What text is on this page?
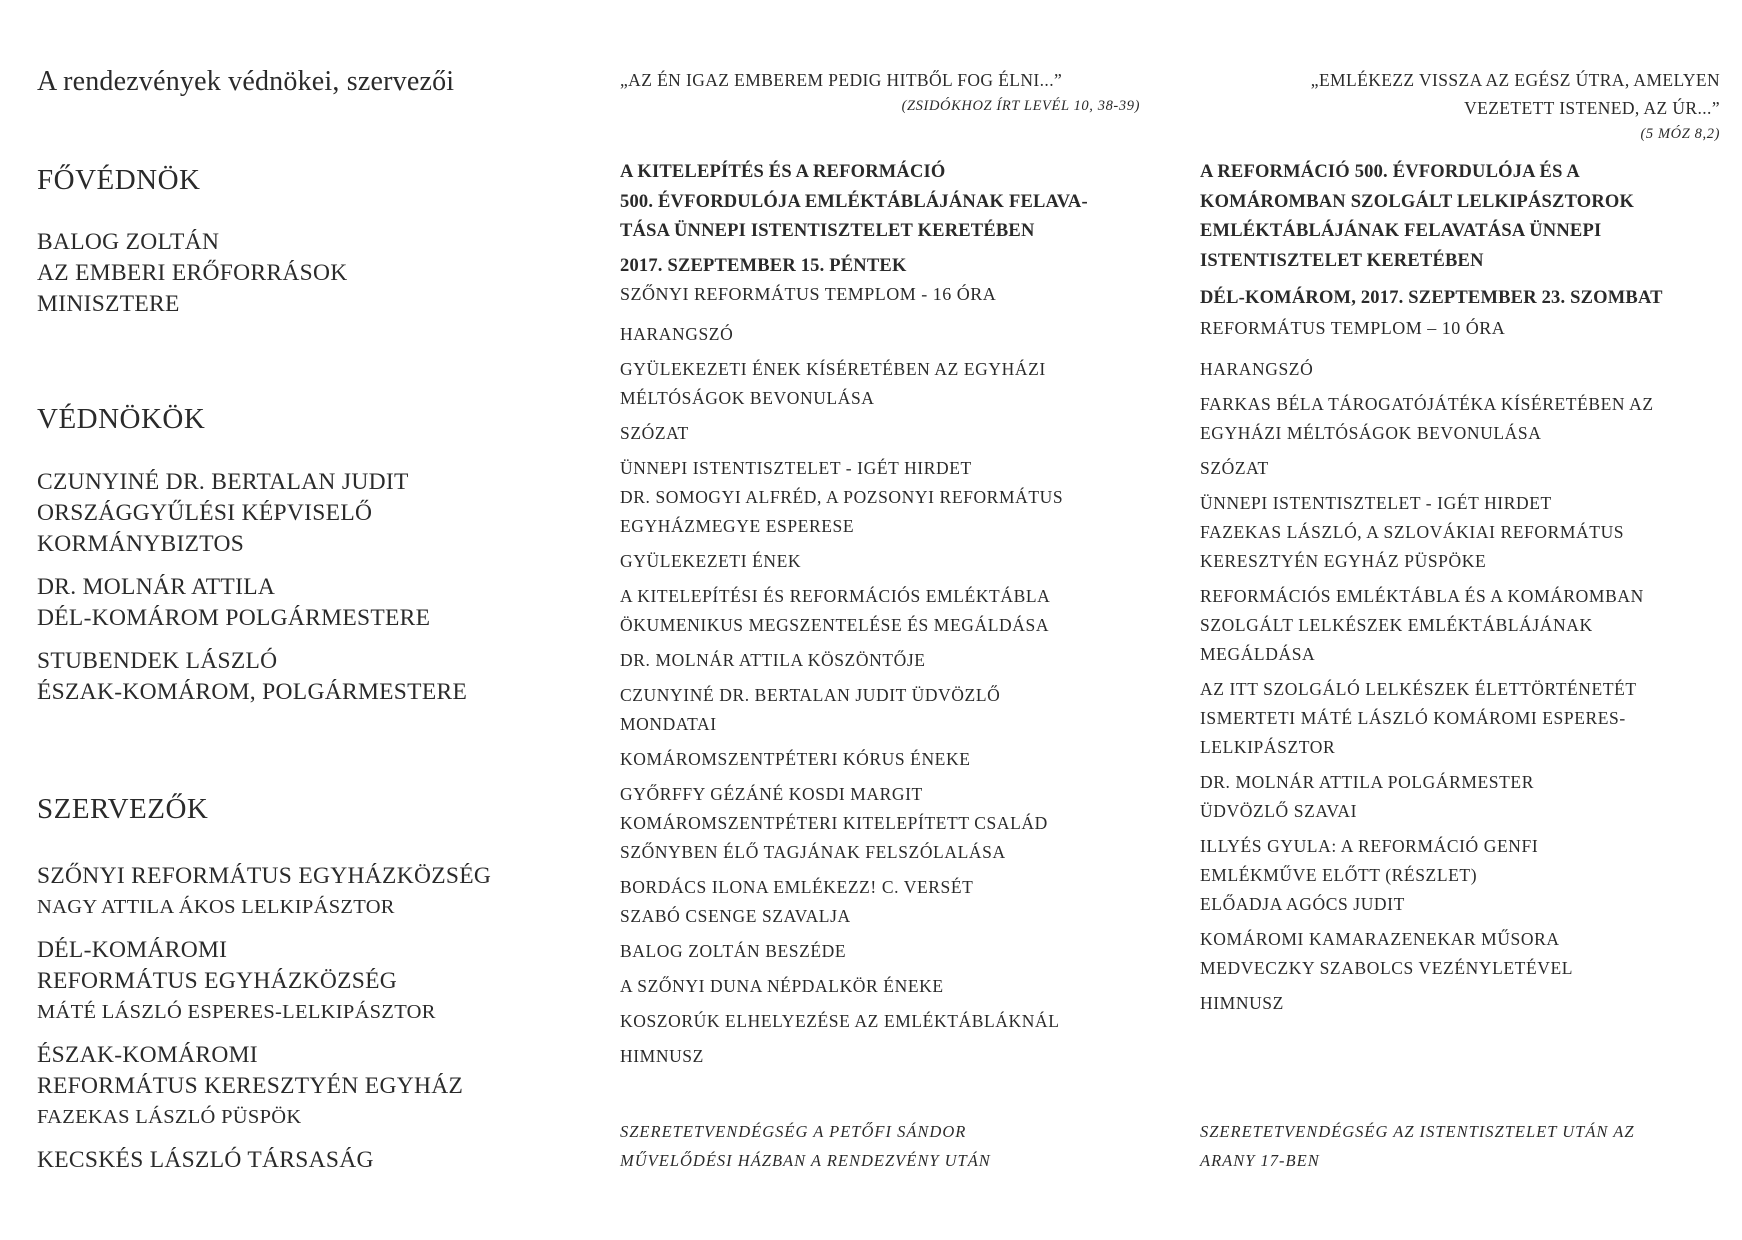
A rendezvények védnökei, szervezői
FŐVÉDNÖK
BALOG ZOLTÁN
AZ EMBERI ERŐFORRÁSOK
MINISZTERE
VÉDNÖKÖK
CZUNYINÉ DR. BERTALAN JUDIT
ORSZÁGGYŰLÉSI KÉPVISELŐ
KORMÁNYBIZTOS
DR. MOLNÁR ATTILA
DÉL-KOMÁROM POLGÁRMESTERE
STUBENDEK LÁSZLÓ
ÉSZAK-KOMÁROM, POLGÁRMESTERE
SZERVEZŐK
SZŐNYI REFORMÁTUS EGYHÁZKÖZSÉG
NAGY ATTILA ÁKOS LELKIPÁSZTOR
DÉL-KOMÁROMI
REFORMÁTUS EGYHÁZKÖZSÉG
MÁTÉ LÁSZLÓ ESPERES-LELKIPÁSZTOR
ÉSZAK-KOMÁROMI
REFORMÁTUS KERESZTYÉN EGYHÁZ
FAZEKAS LÁSZLÓ PÜSPÖK
KECSKÉS LÁSZLÓ TÁRSASÁG
„AZ ÉN IGAZ EMBEREM PEDIG HITBŐL FOG ÉLNI...”
(ZSIDÓKHOZ ÍRT LEVÉL 10, 38-39)
A KITELEPÍTÉS ÉS A REFORMÁCIÓ
500. ÉVFORDULÓJA EMLÉKTÁBLÁJÁNAK FELAVA-
TÁSA ÜNNEPI ISTENTISZTELET KERETÉBEN
2017. SZEPTEMBER 15. PÉNTEK
SZŐNYI REFORMÁTUS TEMPLOM - 16 ÓRA
HARANGSZÓ
GYÜLEKEZETI ÉNEK KÍSÉRETÉBEN AZ EGYHÁZI
MÉLTÓSÁGOK BEVONULÁSA
SZÓZAT
ÜNNEPI ISTENTISZTELET - IGÉT HIRDET
DR. SOMOGYI ALFRÉD, A POZSONYI REFORMÁTUS
EGYHÁZMEGYE ESPERESE
GYÜLEKEZETI ÉNEK
A KITELEPÍTÉSI ÉS REFORMÁCIÓS EMLÉKTÁBLA
ÖKUMENIKUS MEGSZENTELÉSE ÉS MEGÁLDÁSA
DR. MOLNÁR ATTILA KÖSZÖNTŐJE
CZUNYINÉ DR. BERTALAN JUDIT ÜDVÖZLŐ
MONDATAI
KOMÁROMSZENTPÉTERI KÓRUS ÉNEKE
GYŐRFFY GÉZÁNÉ KOSDI MARGIT
KOMÁROMSZENTPÉTERI KITELEPÍTETT CSALÁD
SZŐNYBEN ÉLŐ TAGJÁNAK FELSZÓLALÁSA
BORDÁCS ILONA EMLÉKEZZ! C. VERSÉT
SZABÓ CSENGE SZAVALJA
BALOG ZOLTÁN BESZÉDE
A SZŐNYI DUNA NÉPDALKÖR ÉNEKE
KOSZORÚK ELHELYEZÉSE AZ EMLÉKTÁBLÁKNÁL
HIMNUSZ
SZERETETVENDÉGSÉG A PETŐFI SÁNDOR
MŰVELŐDÉSI HÁZBAN A RENDEZVÉNY UTÁN
„EMLÉKEZZ VISSZA AZ EGÉSZ ÚTRA, AMELYEN
VEZETETT ISTENED, AZ ÚR...”
(5 MÓZ 8,2)
A REFORMÁCIÓ 500. ÉVFORDULÓJA ÉS A
KOMÁROMBAN SZOLGÁLT LELKIPÁSZTOROK
EMLÉKTÁBLÁJÁNAK FELAVATÁSA ÜNNEPI
ISTENTISZTELET KERETÉBEN
DÉL-KOMÁROM, 2017. SZEPTEMBER 23. SZOMBAT
REFORMÁTUS TEMPLOM – 10 ÓRA
HARANGSZÓ
FARKAS BÉLA TÁROGATÓJÁTÉKA KÍSÉRETÉBEN AZ
EGYHÁZI MÉLTÓSÁGOK BEVONULÁSA
SZÓZAT
ÜNNEPI ISTENTISZTELET - IGÉT HIRDET
FAZEKAS LÁSZLÓ, A SZLOVÁKIAI REFORMÁTUS
KERESZTYÉN EGYHÁZ PÜSPÖKE
REFORMÁCIÓS EMLÉKTÁBLA ÉS A KOMÁROMBAN
SZOLGÁLT LELKÉSZEK EMLÉKTÁBLÁJÁNAK
MEGÁLDÁSA
AZ ITT SZOLGÁLÓ LELKÉSZEK ÉLETTÖRTÉNETÉT
ISMERTETI MÁTÉ LÁSZLÓ KOMÁROMI ESPERES-
LELKIPÁSZTOR
DR. MOLNÁR ATTILA POLGÁRMESTER
ÜDVÖZLŐ SZAVAI
ILLYÉS GYULA: A REFORMÁCIÓ GENFI
EMLÉKMŰVE ELŐTT (RÉSZLET)
ELŐADJA AGÓCS JUDIT
KOMÁROMI KAMARAZENEKAR MŰSORA
MEDVECZKY SZABOLCS VEZÉNYLETÉVEL
HIMNUSZ
SZERETETVENDÉGSÉG AZ ISTENTISZTELET UTÁN AZ
ARANY 17-BEN
